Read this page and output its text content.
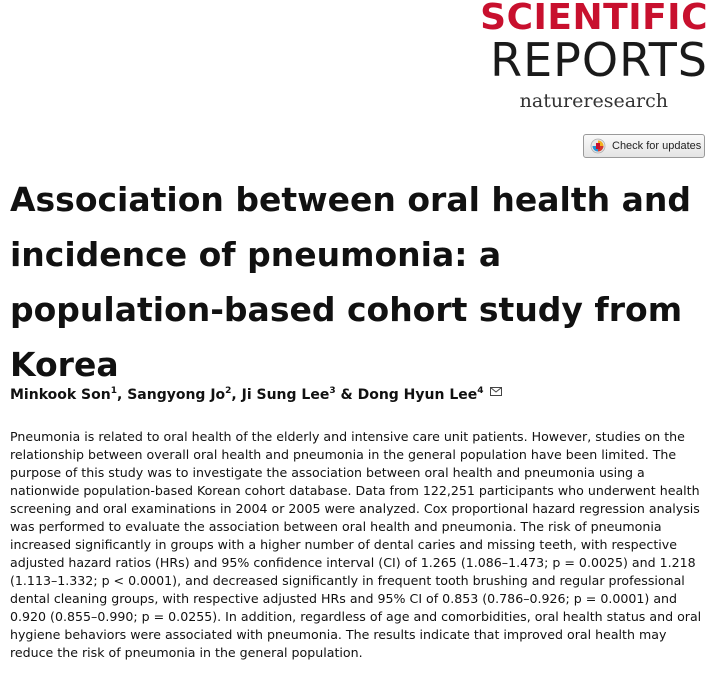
SCIENTIFIC
REPORTS
natureresearch
Check for updates
Association between oral health and incidence of pneumonia: a population-based cohort study from Korea
Minkook Son$^1$, Sangyong Jo$^2$, Ji Sung Lee$^3$ & Dong Hyun Lee$^4$

Pneumonia is related to oral health of the elderly and intensive care unit patients. However, studies on the relationship between overall oral health and pneumonia in the general population have been limited. The purpose of this study was to investigate the association between oral health and pneumonia using a nationwide population-based Korean cohort database. Data from 122,251 participants who underwent health screening and oral examinations in 2004 or 2005 were analyzed. Cox proportional hazard regression analysis was performed to evaluate the association between oral health and pneumonia. The risk of pneumonia increased significantly in groups with a higher number of dental caries and missing teeth, with respective adjusted hazard ratios (HRs) and 95% confidence interval (CI) of 1.265 (1.086–1.473; p = 0.0025) and 1.218 (1.113–1.332; p < 0.0001), and decreased significantly in frequent tooth brushing and regular professional dental cleaning groups, with respective adjusted HRs and 95% CI of 0.853 (0.786–0.926; p = 0.0001) and 0.920 (0.855–0.990; p = 0.0255). In addition, regardless of age and comorbidities, oral health status and oral hygiene behaviors were associated with pneumonia. The results indicate that improved oral health may reduce the risk of pneumonia in the general population.
